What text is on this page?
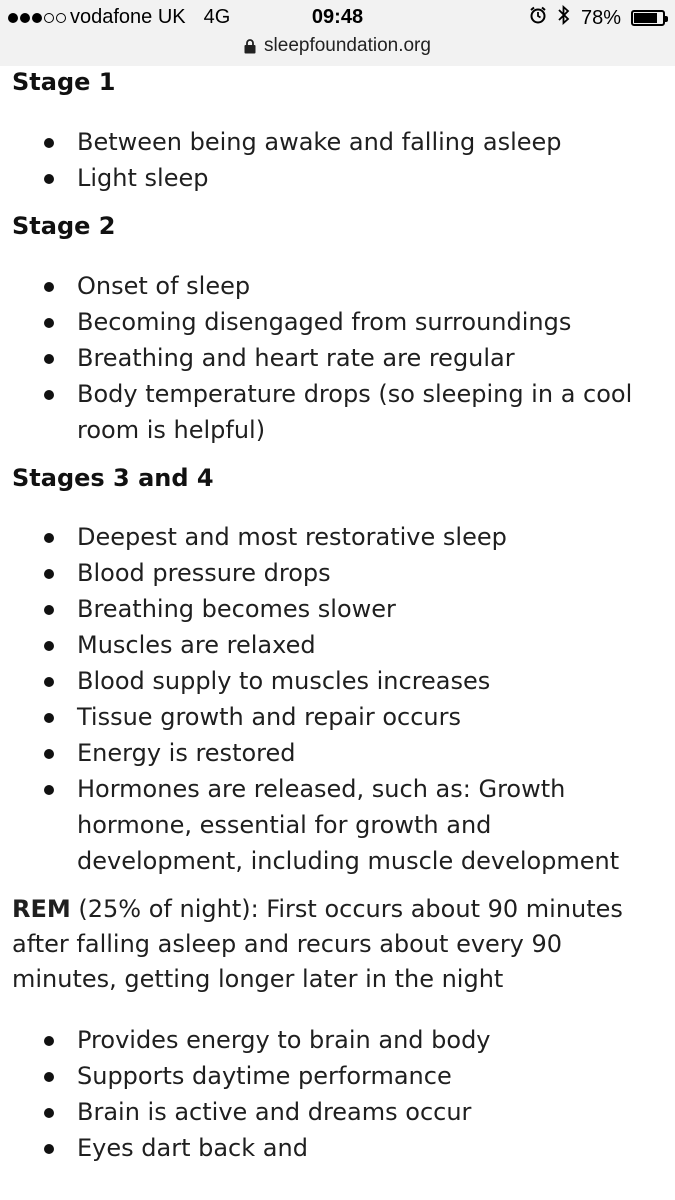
vodafone UK 4G	09:48	78%
sleepfoundation.org
Stage 1
Between being awake and falling asleep
Light sleep
Stage 2
Onset of sleep
Becoming disengaged from surroundings
Breathing and heart rate are regular
Body temperature drops (so sleeping in a cool room is helpful)
Stages 3 and 4
Deepest and most restorative sleep
Blood pressure drops
Breathing becomes slower
Muscles are relaxed
Blood supply to muscles increases
Tissue growth and repair occurs
Energy is restored
Hormones are released, such as: Growth hormone, essential for growth and development, including muscle development

REM (25% of night): First occurs about 90 minutes after falling asleep and recurs about every 90 minutes, getting longer later in the night

Provides energy to brain and body
Supports daytime performance
Brain is active and dreams occur
Eyes dart back and
